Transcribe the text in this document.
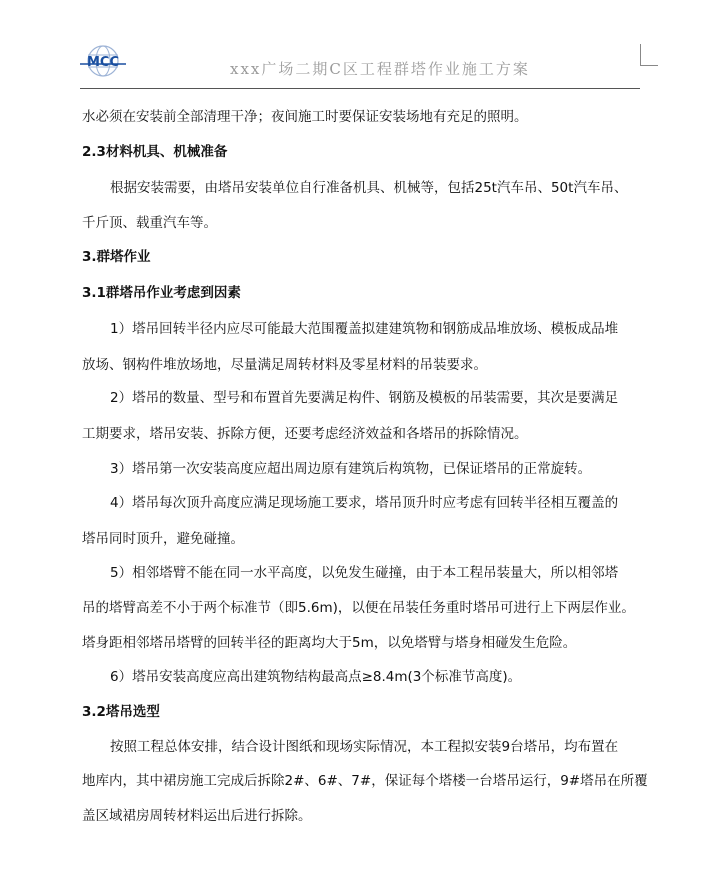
MCC	xxx广场二期C区工程群塔作业施工方案
水必须在安装前全部清理干净；夜间施工时要保证安装场地有充足的照明。
2.3材料机具、机械准备
根据安装需要，由塔吊安装单位自行准备机具、机械等，包括25t汽车吊、50t汽车吊、
千斤顶、载重汽车等。
3.群塔作业
3.1群塔吊作业考虑到因素
1）塔吊回转半径内应尽可能最大范围覆盖拟建建筑物和钢筋成品堆放场、模板成品堆
放场、钢构件堆放场地，尽量满足周转材料及零星材料的吊装要求。
2）塔吊的数量、型号和布置首先要满足构件、钢筋及模板的吊装需要，其次是要满足
工期要求，塔吊安装、拆除方便，还要考虑经济效益和各塔吊的拆除情况。
3）塔吊第一次安装高度应超出周边原有建筑后构筑物，已保证塔吊的正常旋转。
4）塔吊每次顶升高度应满足现场施工要求，塔吊顶升时应考虑有回转半径相互覆盖的
塔吊同时顶升，避免碰撞。
5）相邻塔臂不能在同一水平高度，以免发生碰撞，由于本工程吊装量大，所以相邻塔
吊的塔臂高差不小于两个标准节（即5.6m)，以便在吊装任务重时塔吊可进行上下两层作业。
塔身距相邻塔吊塔臂的回转半径的距离均大于5m，以免塔臂与塔身相碰发生危险。
6）塔吊安装高度应高出建筑物结构最高点≥8.4m(3个标准节高度)。
3.2塔吊选型
按照工程总体安排，结合设计图纸和现场实际情况，本工程拟安装9台塔吊，均布置在
地库内，其中裙房施工完成后拆除2#、6#、7#，保证每个塔楼一台塔吊运行，9#塔吊在所覆
盖区域裙房周转材料运出后进行拆除。
